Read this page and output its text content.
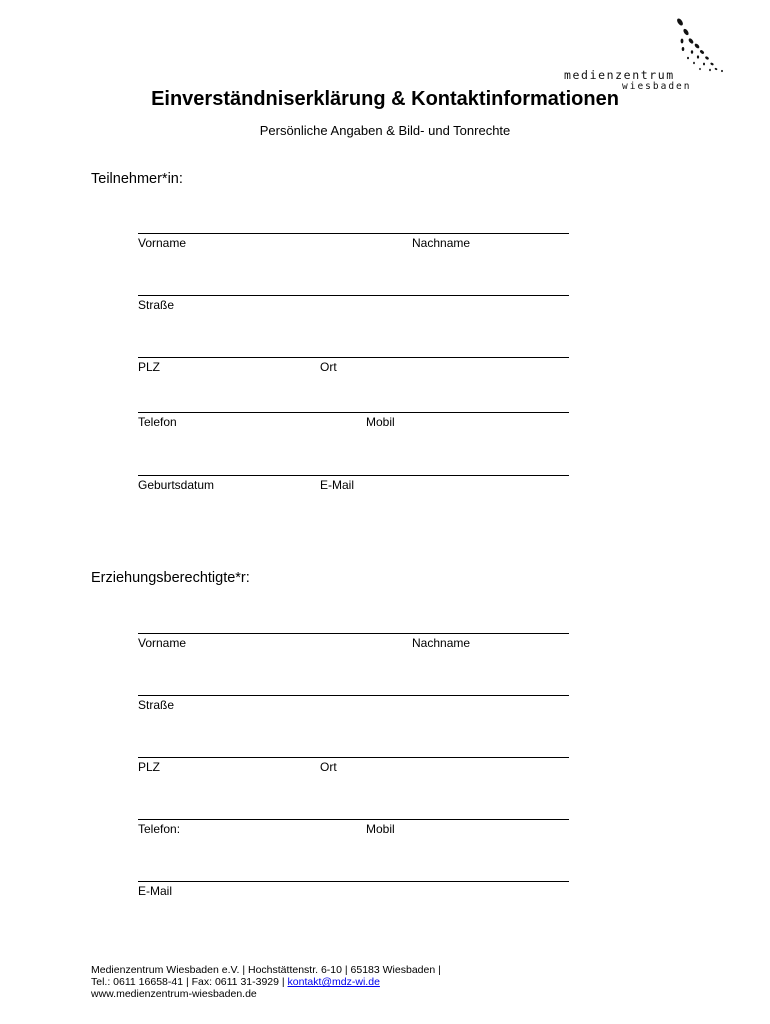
medienzentrum
wiesbaden
Einverständniserklärung & Kontaktinformationen
Persönliche Angaben & Bild- und Tonrechte
Teilnehmer*in:
Vorname	Nachname
Straße
PLZ	Ort
Telefon	Mobil
Geburtsdatum	E-Mail
Erziehungsberechtigte*r:
Vorname	Nachname
Straße
PLZ	Ort
Telefon:	Mobil
E-Mail
Medienzentrum Wiesbaden e.V. | Hochstättenstr. 6-10 | 65183 Wiesbaden |
Tel.: 0611 16658-41 | Fax: 0611 31-3929 | kontakt@mdz-wi.de
www.medienzentrum-wiesbaden.de
